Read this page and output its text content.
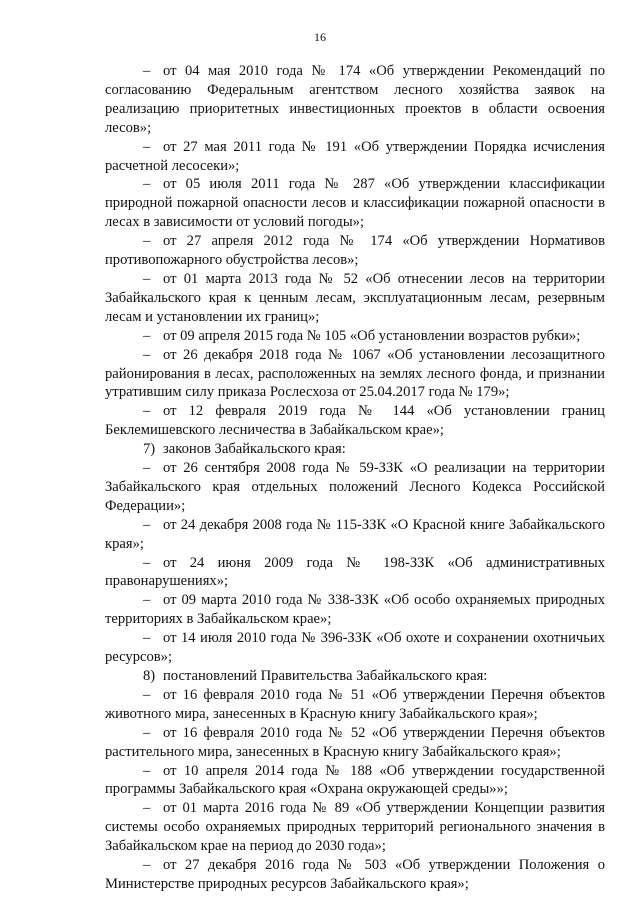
16

– от 04 мая 2010 года № 174 «Об утверждении Рекомендаций по согласованию Федеральным агентством лесного хозяйства заявок на реализацию приоритетных инвестиционных проектов в области освоения лесов»;

– от 27 мая 2011 года № 191 «Об утверждении Порядка исчисления расчетной лесосеки»;

– от 05 июля 2011 года № 287 «Об утверждении классификации природной пожарной опасности лесов и классификации пожарной опасности в лесах в зависимости от условий погоды»;

– от 27 апреля 2012 года № 174 «Об утверждении Нормативов противопожарного обустройства лесов»;

– от 01 марта 2013 года № 52 «Об отнесении лесов на территории Забайкальского края к ценным лесам, эксплуатационным лесам, резервным лесам и установлении их границ»;

– от 09 апреля 2015 года № 105 «Об установлении возрастов рубки»;

– от 26 декабря 2018 года № 1067 «Об установлении лесозащитного районирования в лесах, расположенных на землях лесного фонда, и признании утратившим силу приказа Рослесхоза от 25.04.2017 года № 179»;

– от 12 февраля 2019 года № 144 «Об установлении границ Беклемишевского лесничества в Забайкальском крае»;

7) законов Забайкальского края:

– от 26 сентября 2008 года № 59-ЗЗК «О реализации на территории Забайкальского края отдельных положений Лесного Кодекса Российской Федерации»;

– от 24 декабря 2008 года № 115-ЗЗК «О Красной книге Забайкальского края»;

– от 24 июня 2009 года № 198-ЗЗК «Об административных правонарушениях»;

– от 09 марта 2010 года № 338-ЗЗК «Об особо охраняемых природных территориях в Забайкальском крае»;

– от 14 июля 2010 года № 396-ЗЗК «Об охоте и сохранении охотничьих ресурсов»;

8) постановлений Правительства Забайкальского края:

– от 16 февраля 2010 года № 51 «Об утверждении Перечня объектов животного мира, занесенных в Красную книгу Забайкальского края»;

– от 16 февраля 2010 года № 52 «Об утверждении Перечня объектов растительного мира, занесенных в Красную книгу Забайкальского края»;

– от 10 апреля 2014 года № 188 «Об утверждении государственной программы Забайкальского края «Охрана окружающей среды»»;

– от 01 марта 2016 года № 89 «Об утверждении Концепции развития системы особо охраняемых природных территорий регионального значения в Забайкальском крае на период до 2030 года»;

– от 27 декабря 2016 года № 503 «Об утверждении Положения о Министерстве природных ресурсов Забайкальского края»;
